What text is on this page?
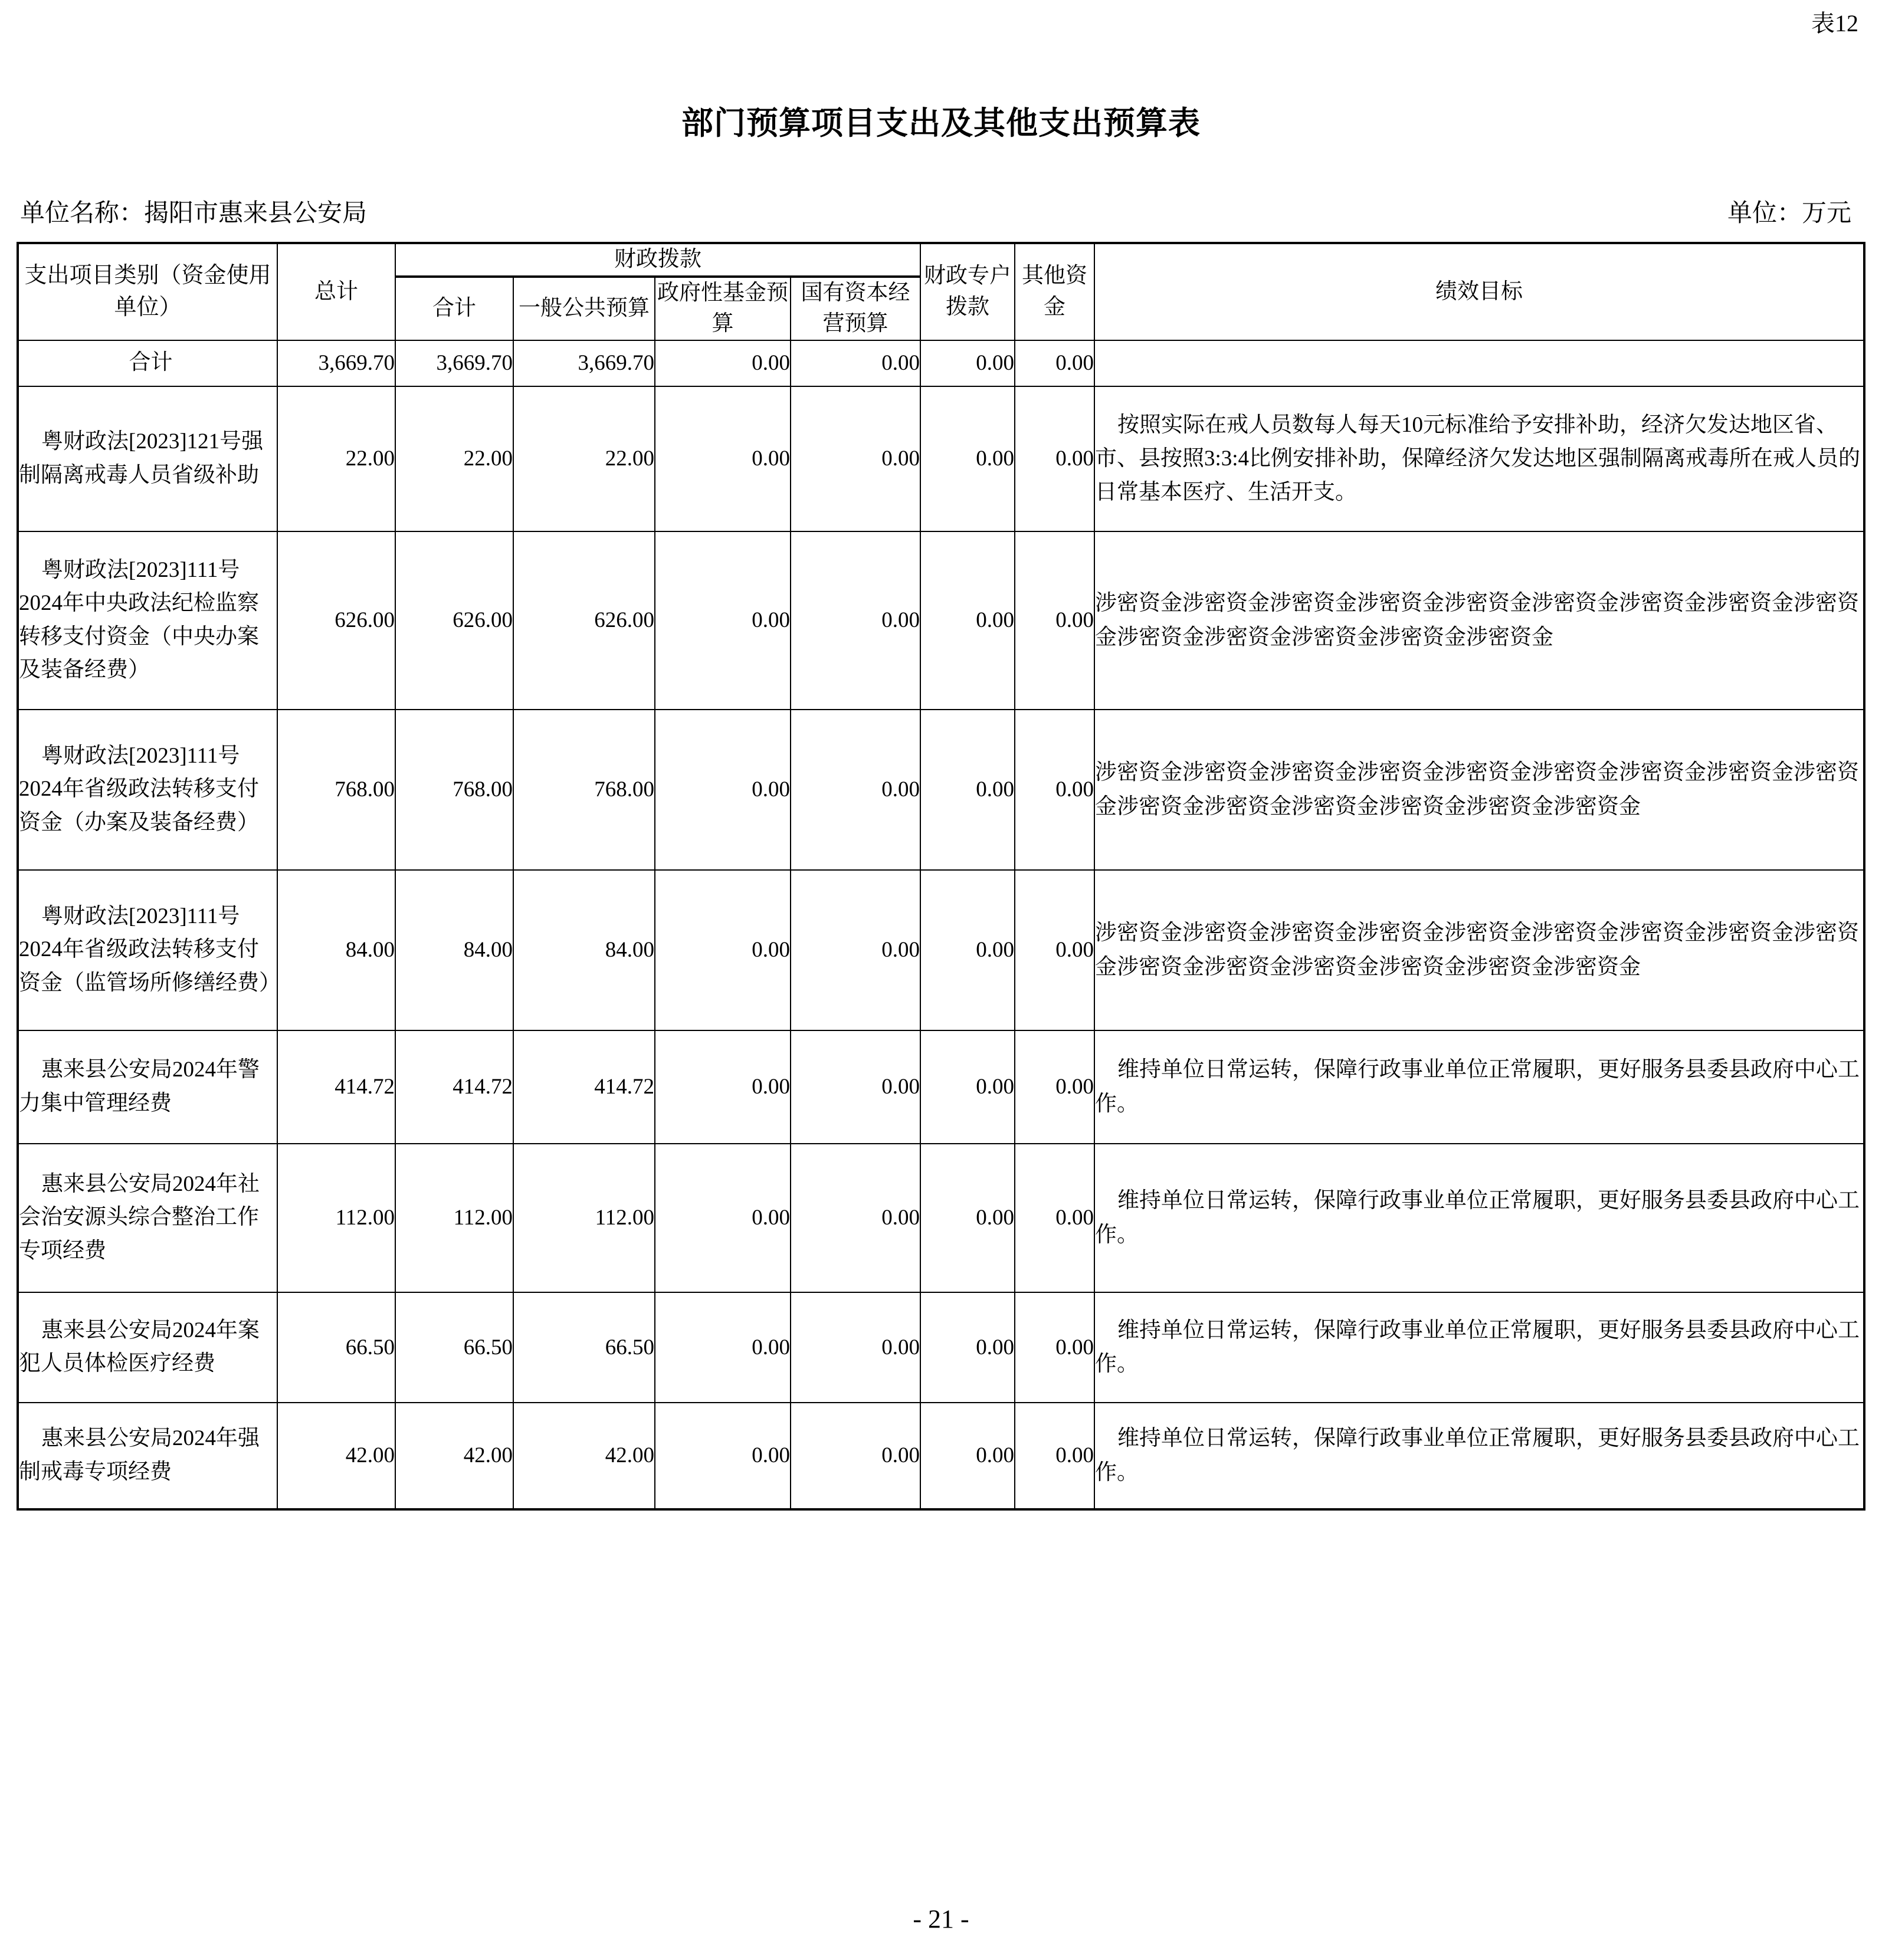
表12
部门预算项目支出及其他支出预算表
单位名称：揭阳市惠来县公安局	单位：万元
支出项目类别（资金使用单位）	总计	财政拨款				财政专户拨款	其他资金	绩效目标
		合计	一般公共预算	政府性基金预算	国有资本经营预算			
合计	3,669.70	3,669.70	3,669.70	0.00	0.00	0.00	0.00	
粤财政法[2023]121号强制隔离戒毒人员省级补助	22.00	22.00	22.00	0.00	0.00	0.00	0.00	按照实际在戒人员数每人每天10元标准给予安排补助，经济欠发达地区省、市、县按照3:3:4比例安排补助，保障经济欠发达地区强制隔离戒毒所在戒人员的日常基本医疗、生活开支。
粤财政法[2023]111号2024年中央政法纪检监察转移支付资金（中央办案及装备经费）	626.00	626.00	626.00	0.00	0.00	0.00	0.00	涉密资金涉密资金涉密资金涉密资金涉密资金涉密资金涉密资金涉密资金涉密资金涉密资金涉密资金涉密资金涉密资金涉密资金
粤财政法[2023]111号2024年省级政法转移支付资金（办案及装备经费）	768.00	768.00	768.00	0.00	0.00	0.00	0.00	涉密资金涉密资金涉密资金涉密资金涉密资金涉密资金涉密资金涉密资金涉密资金涉密资金涉密资金涉密资金涉密资金涉密资金涉密资金
粤财政法[2023]111号2024年省级政法转移支付资金（监管场所修缮经费）	84.00	84.00	84.00	0.00	0.00	0.00	0.00	涉密资金涉密资金涉密资金涉密资金涉密资金涉密资金涉密资金涉密资金涉密资金涉密资金涉密资金涉密资金涉密资金涉密资金涉密资金
惠来县公安局2024年警力集中管理经费	414.72	414.72	414.72	0.00	0.00	0.00	0.00	维持单位日常运转，保障行政事业单位正常履职，更好服务县委县政府中心工作。
惠来县公安局2024年社会治安源头综合整治工作专项经费	112.00	112.00	112.00	0.00	0.00	0.00	0.00	维持单位日常运转，保障行政事业单位正常履职，更好服务县委县政府中心工作。
惠来县公安局2024年案犯人员体检医疗经费	66.50	66.50	66.50	0.00	0.00	0.00	0.00	维持单位日常运转，保障行政事业单位正常履职，更好服务县委县政府中心工作。
惠来县公安局2024年强制戒毒专项经费	42.00	42.00	42.00	0.00	0.00	0.00	0.00	维持单位日常运转，保障行政事业单位正常履职，更好服务县委县政府中心工作。
- 21 -
